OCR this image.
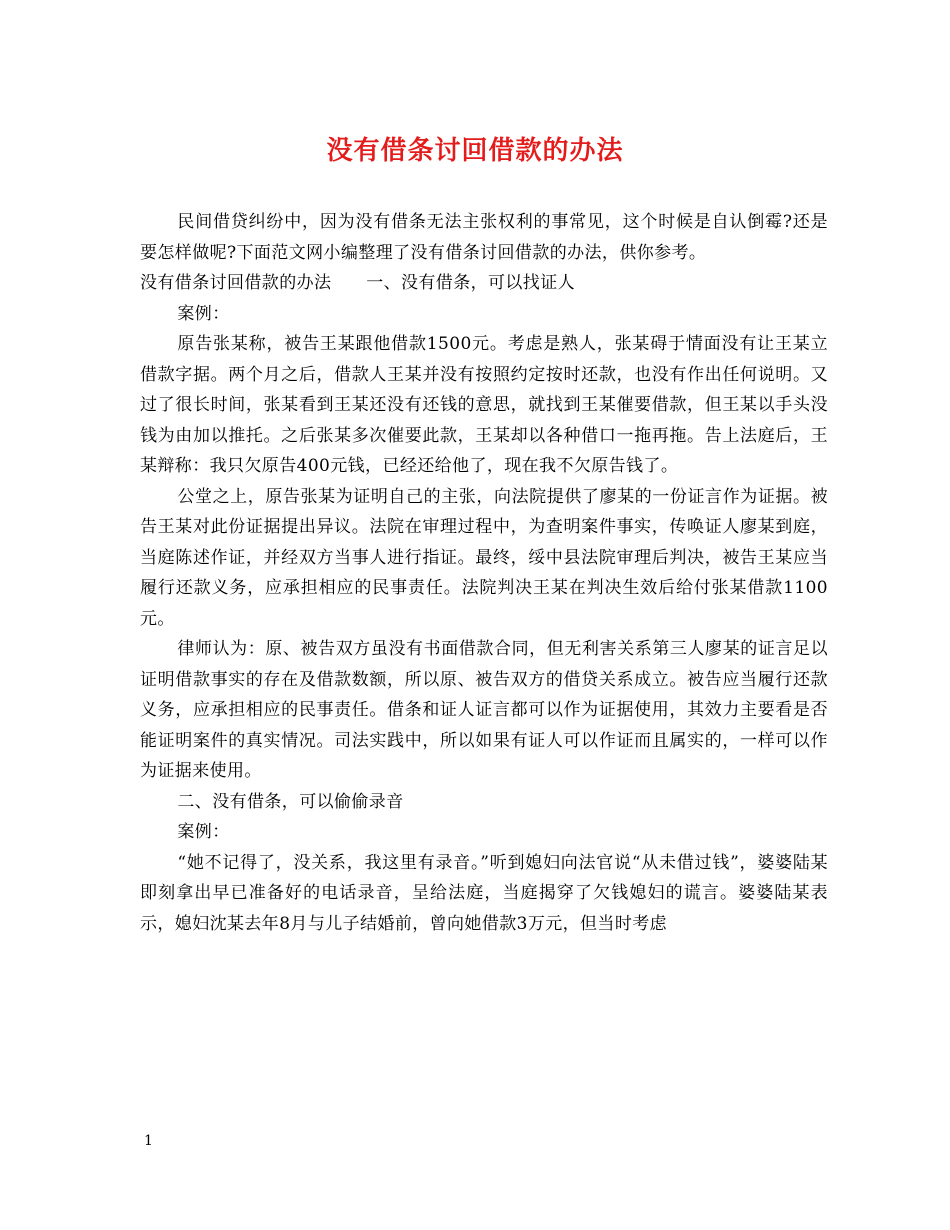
没有借条讨回借款的办法

民间借贷纠纷中，因为没有借条无法主张权利的事常见，这个时候是自认倒霉?还是要怎样做呢?下面范文网小编整理了没有借条讨回借款的办法，供你参考。

没有借条讨回借款的办法　　一、没有借条，可以找证人

案例：

原告张某称，被告王某跟他借款1500元。考虑是熟人，张某碍于情面没有让王某立借款字据。两个月之后，借款人王某并没有按照约定按时还款，也没有作出任何说明。又过了很长时间，张某看到王某还没有还钱的意思，就找到王某催要借款，但王某以手头没钱为由加以推托。之后张某多次催要此款，王某却以各种借口一拖再拖。告上法庭后，王某辩称：我只欠原告400元钱，已经还给他了，现在我不欠原告钱了。

公堂之上，原告张某为证明自己的主张，向法院提供了廖某的一份证言作为证据。被告王某对此份证据提出异议。法院在审理过程中，为查明案件事实，传唤证人廖某到庭，当庭陈述作证，并经双方当事人进行指证。最终，绥中县法院审理后判决，被告王某应当履行还款义务，应承担相应的民事责任。法院判决王某在判决生效后给付张某借款1100元。

律师认为：原、被告双方虽没有书面借款合同，但无利害关系第三人廖某的证言足以证明借款事实的存在及借款数额，所以原、被告双方的借贷关系成立。被告应当履行还款义务，应承担相应的民事责任。借条和证人证言都可以作为证据使用，其效力主要看是否能证明案件的真实情况。司法实践中，所以如果有证人可以作证而且属实的，一样可以作为证据来使用。

二、没有借条，可以偷偷录音

案例：

“她不记得了，没关系，我这里有录音。”听到媳妇向法官说“从未借过钱”，婆婆陆某即刻拿出早已准备好的电话录音，呈给法庭，当庭揭穿了欠钱媳妇的谎言。婆婆陆某表示，媳妇沈某去年8月与儿子结婚前，曾向她借款3万元，但当时考虑

1
